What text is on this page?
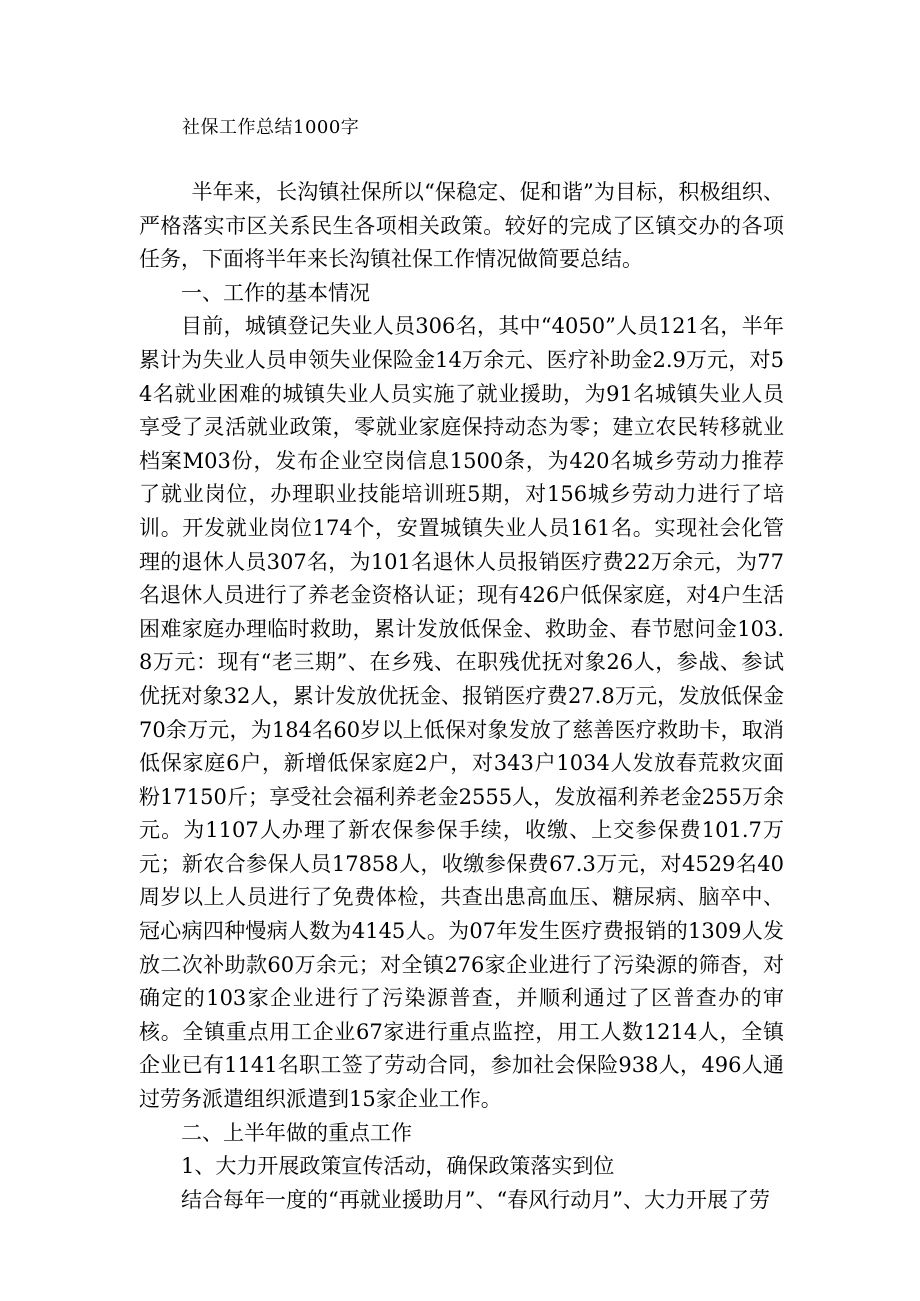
社保工作总结1000字

半年来，长沟镇社保所以“保稳定、促和谐”为目标，积极组织、严格落实市区关系民生各项相关政策。较好的完成了区镇交办的各项任务，下面将半年来长沟镇社保工作情况做简要总结。

一、工作的基本情况

目前，城镇登记失业人员306名，其中“4050”人员121名，半年累计为失业人员申领失业保险金14万余元、医疗补助金2.9万元，对54名就业困难的城镇失业人员实施了就业援助，为91名城镇失业人员享受了灵活就业政策，零就业家庭保持动态为零；建立农民转移就业档案M03份，发布企业空岗信息1500条，为420名城乡劳动力推荐了就业岗位，办理职业技能培训班5期，对156城乡劳动力进行了培训。开发就业岗位174个，安置城镇失业人员161名。实现社会化管理的退休人员307名，为101名退休人员报销医疗费22万余元，为77名退休人员进行了养老金资格认证；现有426户低保家庭，对4户生活困难家庭办理临时救助，累计发放低保金、救助金、春节慰问金103.8万元：现有“老三期”、在乡残、在职残优抚对象26人，参战、参试优抚对象32人，累计发放优抚金、报销医疗费27.8万元，发放低保金70余万元，为184名60岁以上低保对象发放了慈善医疗救助卡，取消低保家庭6户，新增低保家庭2户，对343户1034人发放春荒救灾面粉17150斤；享受社会福利养老金2555人，发放福利养老金255万余元。为1107人办理了新农保参保手续，收缴、上交参保费101.7万元；新农合参保人员17858人，收缴参保费67.3万元，对4529名40周岁以上人员进行了免费体检，共查出患高血压、糖尿病、脑卒中、冠心病四种慢病人数为4145人。为07年发生医疗费报销的1309人发放二次补助款60万余元；对全镇276家企业进行了污染源的筛杳，对确定的103家企业进行了污染源普查，并顺利通过了区普查办的审核。全镇重点用工企业67家进行重点监控，用工人数1214人，全镇企业已有1141名职工签了劳动合同，参加社会保险938人，496人通过劳务派遣组织派遣到15家企业工作。

二、上半年做的重点工作

1、大力开展政策宣传活动，确保政策落实到位

结合每年一度的“再就业援助月”、“春风行动月”、大力开展了劳
